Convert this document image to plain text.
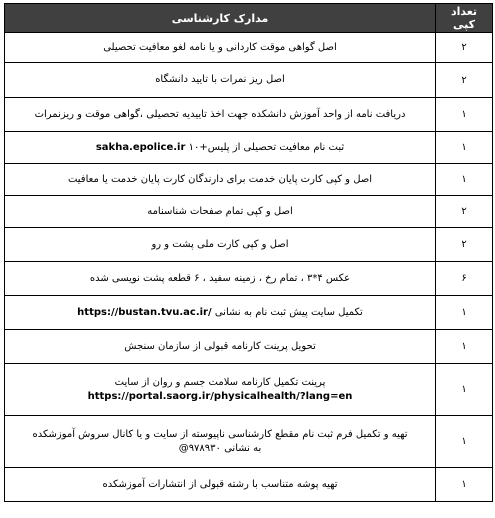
تعداد کپی	مدارک کارشناسی
۲	اصل گواهی موقت کاردانی و یا نامه لغو معافیت تحصیلی
۲	اصل ریز نمرات با تایید دانشگاه
۱	دریافت نامه از واحد آموزش دانشکده جهت اخذ تاییدیه تحصیلی ،گواهی موقت و ریزنمرات
۱	ثبت نام معافیت تحصیلی از پلیس+۱۰ sakha.epolice.ir
۱	اصل و کپی کارت پایان خدمت برای دارندگان کارت پایان خدمت یا معافیت
۲	اصل و کپی تمام صفحات شناسنامه
۲	اصل و کپی کارت ملی پشت و رو
۶	عکس ۴*۳ ، تمام رخ ، زمینه سفید ، ۶ قطعه پشت نویسی شده
۱	تکمیل سایت پیش ثبت نام به نشانی https://bustan.tvu.ac.ir/
۱	تحویل پرینت کارنامه قبولی از سازمان سنجش
۱	پرینت تکمیل کارنامه سلامت جسم و روان از سایت
https://portal.saorg.ir/physicalhealth/?lang=en

۱	تهیه و تکمیل فرم ثبت نام مقطع کارشناسی ناپیوسته از سایت و یا کانال سروش آموزشکده
به نشانی ۹۷۸۹۳۰@

۱	تهیه پوشه متناسب با رشته قبولی از انتشارات آموزشکده
